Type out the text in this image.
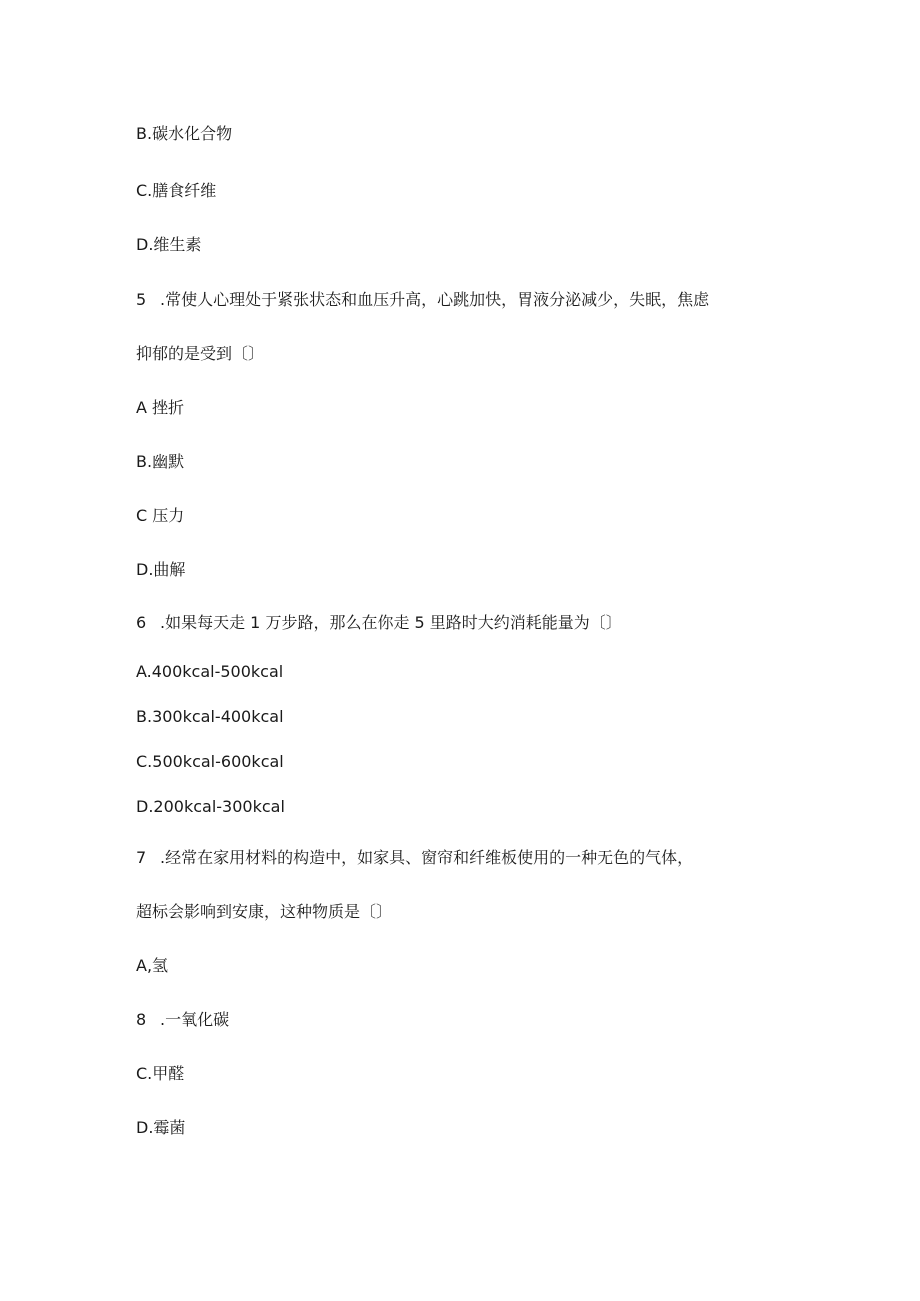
B.碳水化合物
C.膳食纤维
D.维生素
5 .常使人心理处于紧张状态和血压升高，心跳加快，胃液分泌减少，失眠，焦虑
抑郁的是受到〔〕
A 挫折
B.幽默
C 压力
D.曲解
6 .如果每天走 1 万步路，那么在你走 5 里路时大约消耗能量为〔〕
A.400kcal-500kcal
B.300kcal-400kcal
C.500kcal-600kcal
D.200kcal-300kcal
7 .经常在家用材料的构造中，如家具、窗帘和纤维板使用的一种无色的气体，
超标会影响到安康，这种物质是〔〕
A,氢
8 .一氧化碳
C.甲醛
D.霉菌
